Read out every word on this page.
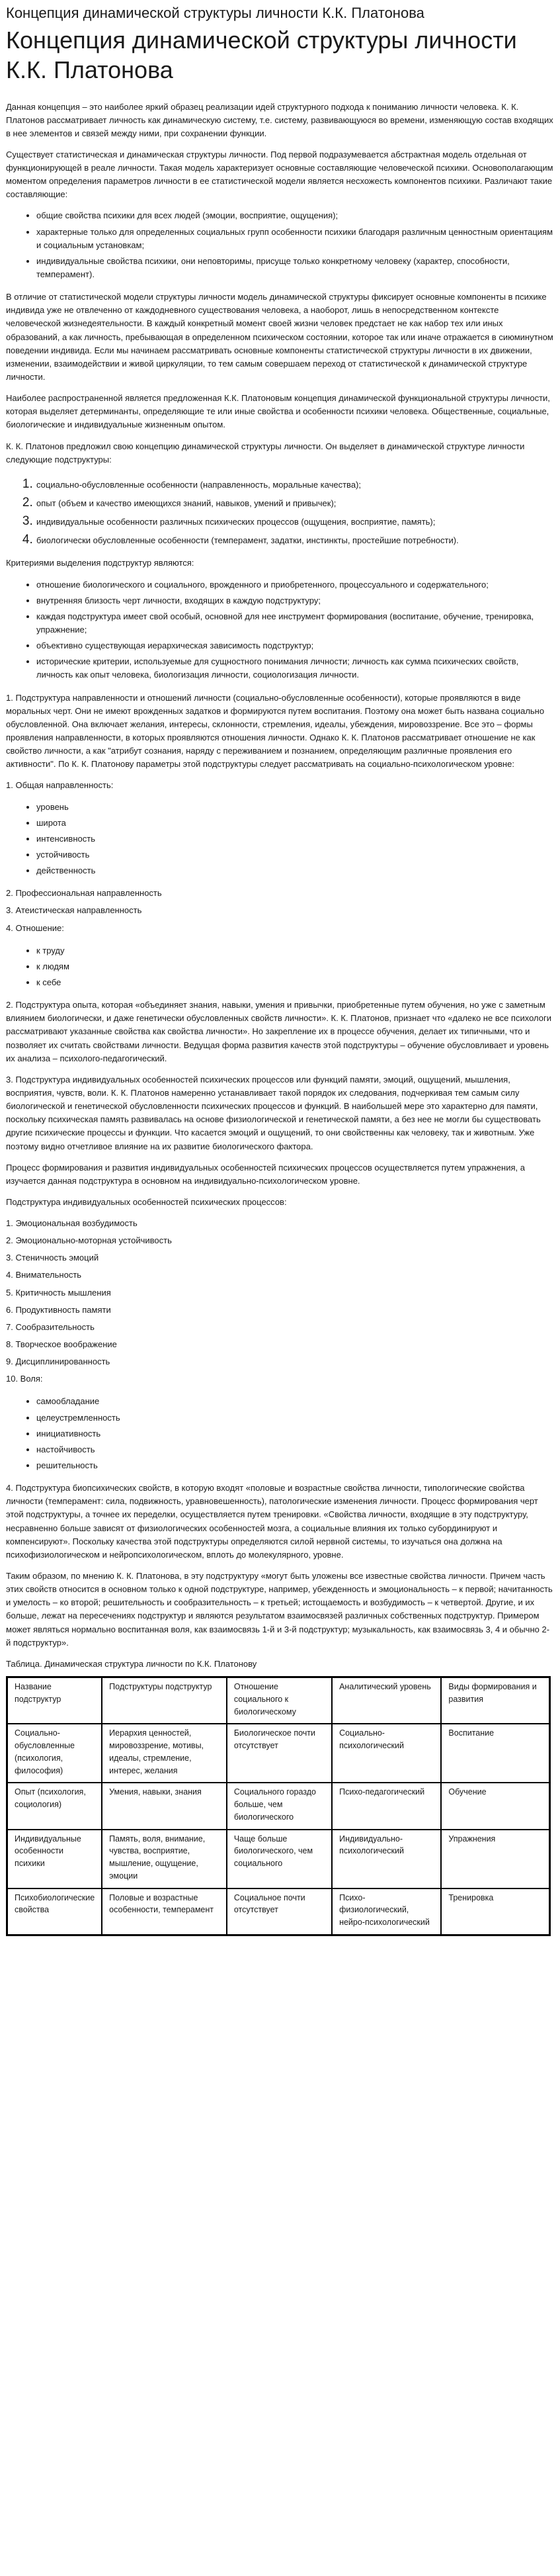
Концепция динамической структуры личности К.К. Платонова
Концепция динамической структуры личности К.К. Платонова

Данная концепция – это наиболее яркий образец реализации идей структурного подхода к пониманию личности человека. К. К. Платонов рассматривает личность как динамическую систему, т.е. систему, развивающуюся во времени, изменяющую состав входящих в нее элементов и связей между ними, при сохранении функции.

Существует статистическая и динамическая структуры личности. Под первой подразумевается абстрактная модель отдельная от функционирующей в реале личности. Такая модель характеризует основные составляющие человеческой психики. Основополагающим моментом определения параметров личности в ее статистической модели является несхожесть компонентов психики. Различают такие составляющие:

• общие свойства психики для всех людей (эмоции, восприятие, ощущения);
• характерные только для определенных социальных групп особенности психики благодаря различным ценностным ориентациям и социальным установкам;
• индивидуальные свойства психики, они неповторимы, присуще только конкретному человеку (характер, способности, темперамент).

В отличие от статистической модели структуры личности модель динамической структуры фиксирует основные компоненты в психике индивида уже не отвлеченно от каждодневного существования человека, а наоборот, лишь в непосредственном контексте человеческой жизнедеятельности. В каждый конкретный момент своей жизни человек предстает не как набор тех или иных образований, а как личность, пребывающая в определенном психическом состоянии, которое так или иначе отражается в сиюминутном поведении индивида. Если мы начинаем рассматривать основные компоненты статистической структуры личности в их движении, изменении, взаимодействии и живой циркуляции, то тем самым совершаем переход от статистической к динамической структуре личности.

Наиболее распространенной является предложенная К.К. Платоновым концепция динамической функциональной структуры личности, которая выделяет детерминанты, определяющие те или иные свойства и особенности психики человека. Общественные, социальные, биологические и индивидуальные жизненным опытом.

К. К. Платонов предложил свою концепцию динамической структуры личности. Он выделяет в динамической структуре личности следующие подструктуры:

1. социально-обусловленные особенности (направленность, моральные качества);
2. опыт (объем и качество имеющихся знаний, навыков, умений и привычек);
3. индивидуальные особенности различных психических процессов (ощущения, восприятие, память);
4. биологически обусловленные особенности (темперамент, задатки, инстинкты, простейшие потребности).

Критериями выделения подструктур являются:

• отношение биологического и социального, врожденного и приобретенного, процессуального и содержательного;
• внутренняя близость черт личности, входящих в каждую подструктуру;
• каждая подструктура имеет свой особый, основной для нее инструмент формирования (воспитание, обучение, тренировка, упражнение;
• объективно существующая иерархическая зависимость подструктур;
• исторические критерии, используемые для сущностного понимания личности; личность как сумма психических свойств, личность как опыт человека, биологизация личности, социологизация личности.

1. Подструктура направленности и отношений личности (социально-обусловленные особенности), которые проявляются в виде моральных черт. Они не имеют врожденных задатков и формируются путем воспитания. Поэтому она может быть названа социально обусловленной. Она включает желания, интересы, склонности, стремления, идеалы, убеждения, мировоззрение. Все это – формы проявления направленности, в которых проявляются отношения личности. Однако К. К. Платонов рассматривает отношение не как свойство личности, а как "атрибут сознания, наряду с переживанием и познанием, определяющим различные проявления его активности". По К. К. Платонову параметры этой подструктуры следует рассматривать на социально-психологическом уровне:

1. Общая направленность:

• уровень
• широта
• интенсивность
• устойчивость
• действенность
2. Профессиональная направленность
3. Атеистическая направленность
4. Отношение:
• к труду
• к людям
• к себе

2. Подструктура опыта, которая «объединяет знания, навыки, умения и привычки, приобретенные путем обучения, но уже с заметным влиянием биологически, и даже генетически обусловленных свойств личности». К. К. Платонов, признает что «далеко не все психологи рассматривают указанные свойства как свойства личности». Но закрепление их в процессе обучения, делает их типичными, что и позволяет их считать свойствами личности. Ведущая форма развития качеств этой подструктуры – обучение обусловливает и уровень их анализа – психолого-педагогический.

3. Подструктура индивидуальных особенностей психических процессов или функций памяти, эмоций, ощущений, мышления, восприятия, чувств, воли. К. К. Платонов намеренно устанавливает такой порядок их следования, подчеркивая тем самым силу биологической и генетической обусловленности психических процессов и функций. В наибольшей мере это характерно для памяти, поскольку психическая память развивалась на основе физиологической и генетической памяти, а без нее не могли бы существовать другие психические процессы и функции. Что касается эмоций и ощущений, то они свойственны как человеку, так и животным. Уже поэтому видно отчетливое влияние на их развитие биологического фактора.

Процесс формирования и развития индивидуальных особенностей психических процессов осуществляется путем упражнения, а изучается данная подструктура в основном на индивидуально-психологическом уровне.

Подструктура индивидуальных особенностей психических процессов:

1. Эмоциональная возбудимость
2. Эмоционально-моторная устойчивость
3. Стеничность эмоций
4. Внимательность
5. Критичность мышления
6. Продуктивность памяти
7. Сообразительность
8. Творческое воображение
9. Дисциплинированность
10. Воля:
• самообладание
• целеустремленность
• инициативность
• настойчивость
• решительность

4. Подструктура биопсихических свойств, в которую входят «половые и возрастные свойства личности, типологические свойства личности (темперамент: сила, подвижность, уравновешенность), патологические изменения личности. Процесс формирования черт этой подструктуры, а точнее их переделки, осуществляется путем тренировки. «Свойства личности, входящие в эту подструктуру, несравненно больше зависят от физиологических особенностей мозга, а социальные влияния их только субординируют и компенсируют». Поскольку качества этой подструктуры определяются силой нервной системы, то изучаться она должна на психофизиологическом и нейропсихологическом, вплоть до молекулярного, уровне.

Таким образом, по мнению К. К. Платонова, в эту подструктуру «могут быть уложены все известные свойства личности. Причем часть этих свойств относится в основном только к одной подструктуре, например, убежденность и эмоциональность – к первой; начитанность и умелость – ко второй; решительность и сообразительность – к третьей; истощаемость и возбудимость – к четвертой. Другие, и их больше, лежат на пересечениях подструктур и являются результатом взаимосвязей различных собственных подструктур. Примером может являться нормально воспитанная воля, как взаимосвязь 1-й и 3-й подструктур; музыкальность, как взаимосвязь 3, 4 и обычно 2-й подструктур».

Таблица. Динамическая структура личности по К.К. Платонову

Название подструктур	Подструктуры подструктур	Отношение социального к биологическому	Аналитический уровень	Виды формирования и развития
Социально-обусловленные (психология, философия)	Иерархия ценностей, мировоззрение, мотивы, идеалы, стремление, интерес, желания	Биологическое почти отсутствует	Социально-психологический	Воспитание
Опыт (психология, социология)	Умения, навыки, знания	Социального гораздо больше, чем биологического	Психо-педагогический	Обучение
Индивидуальные особенности психики	Память, воля, внимание, чувства, восприятие, мышление, ощущение, эмоции	Чаще больше биологического, чем социального	Индивидуально-психологический	Упражнения
Психобиологические свойства	Половые и возрастные особенности, темперамент	Социальное почти отсутствует	Психо-физиологический, нейро-психологический	Тренировка
